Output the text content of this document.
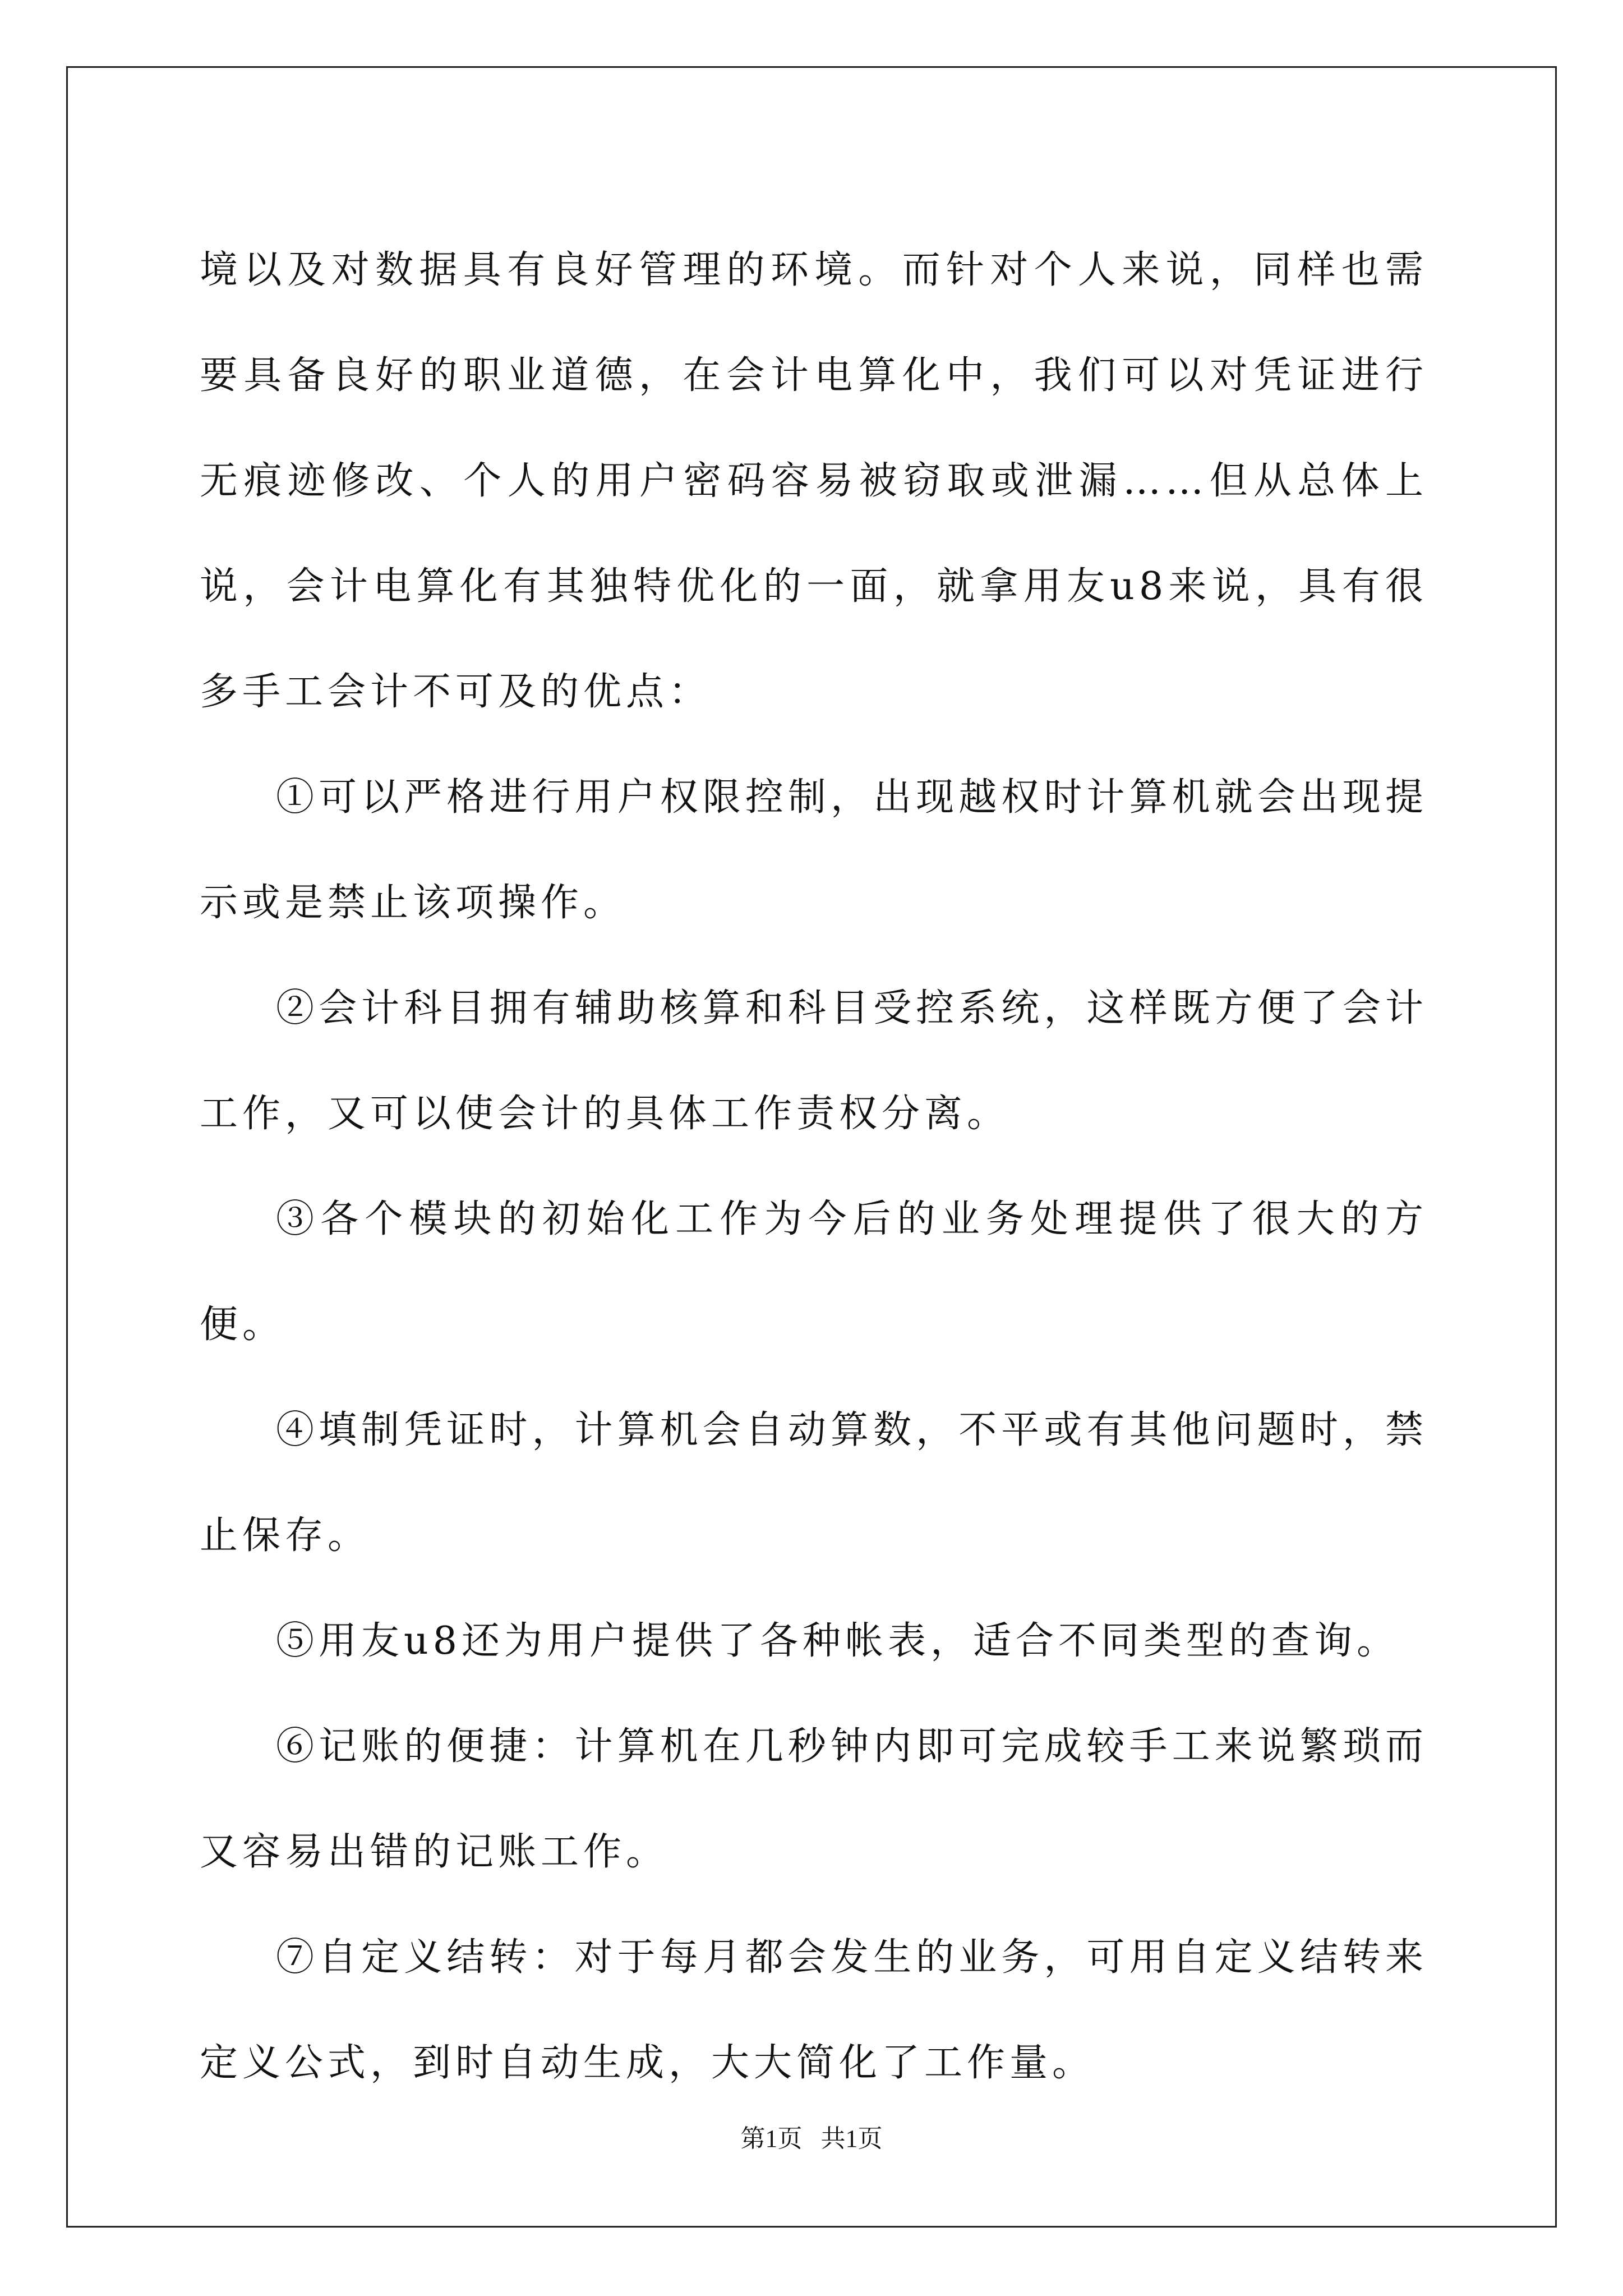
境以及对数据具有良好管理的环境。而针对个人来说，同样也需要具备良好的职业道德，在会计电算化中，我们可以对凭证进行无痕迹修改、个人的用户密码容易被窃取或泄漏……但从总体上说，会计电算化有其独特优化的一面，就拿用友u8来说，具有很多手工会计不可及的优点：

①可以严格进行用户权限控制，出现越权时计算机就会出现提示或是禁止该项操作。

②会计科目拥有辅助核算和科目受控系统，这样既方便了会计工作，又可以使会计的具体工作责权分离。

③各个模块的初始化工作为今后的业务处理提供了很大的方便。

④填制凭证时，计算机会自动算数，不平或有其他问题时，禁止保存。

⑤用友u8还为用户提供了各种帐表，适合不同类型的查询。

⑥记账的便捷：计算机在几秒钟内即可完成较手工来说繁琐而又容易出错的记账工作。

⑦自定义结转：对于每月都会发生的业务，可用自定义结转来定义公式，到时自动生成，大大简化了工作量。

第1页   共1页
